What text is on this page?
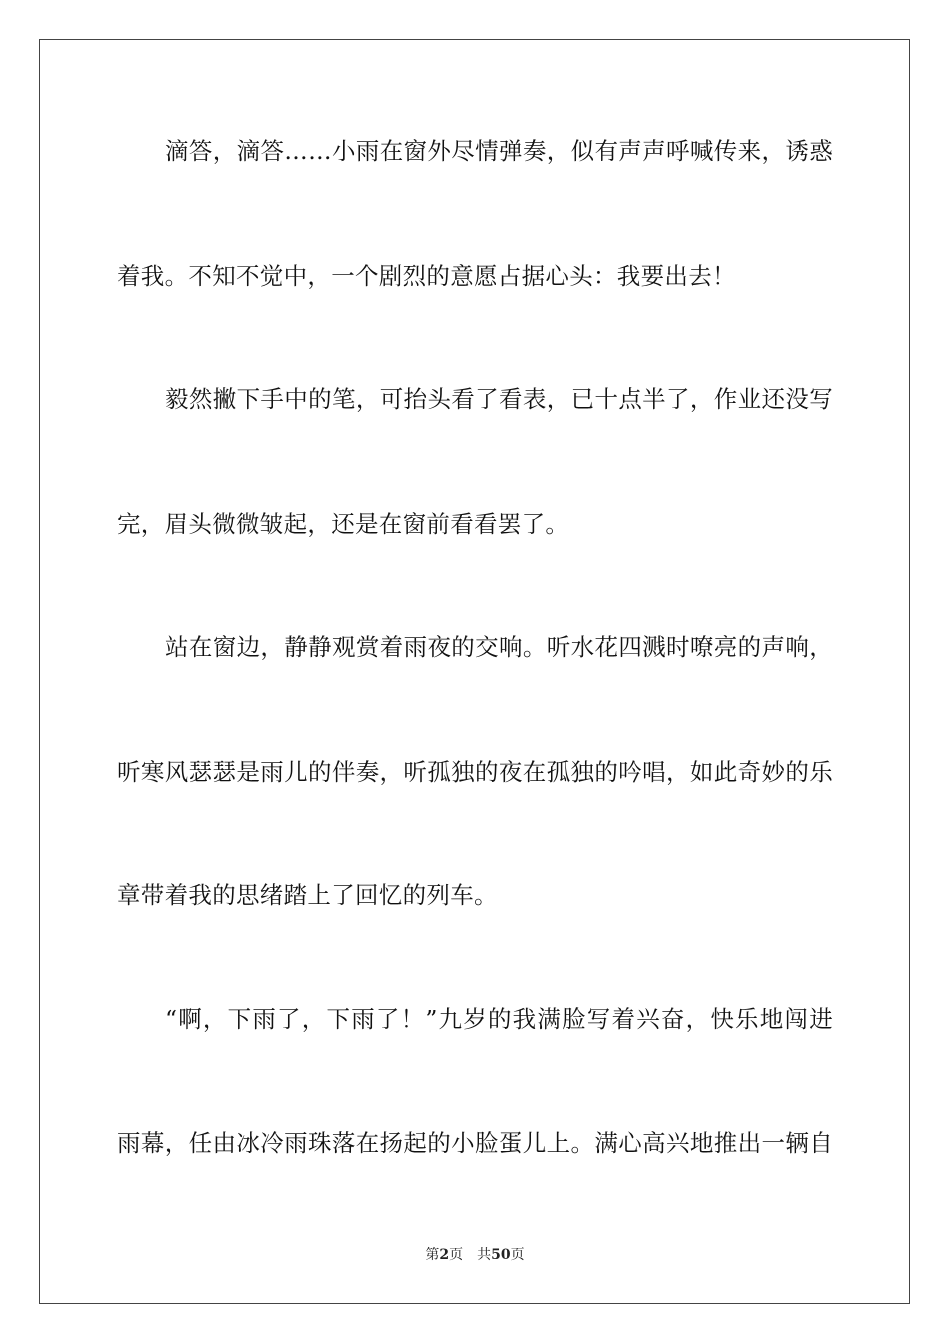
滴答，滴答……小雨在窗外尽情弹奏，似有声声呼喊传来，诱惑
着我。不知不觉中，一个剧烈的意愿占据心头：我要出去！
毅然撇下手中的笔，可抬头看了看表，已十点半了，作业还没写
完，眉头微微皱起，还是在窗前看看罢了。
站在窗边，静静观赏着雨夜的交响。听水花四溅时嘹亮的声响，
听寒风瑟瑟是雨儿的伴奏，听孤独的夜在孤独的吟唱，如此奇妙的乐
章带着我的思绪踏上了回忆的列车。
“啊，下雨了，下雨了！”九岁的我满脸写着兴奋，快乐地闯进
雨幕，任由冰冷雨珠落在扬起的小脸蛋儿上。满心高兴地推出一辆自
第2页 共50页
